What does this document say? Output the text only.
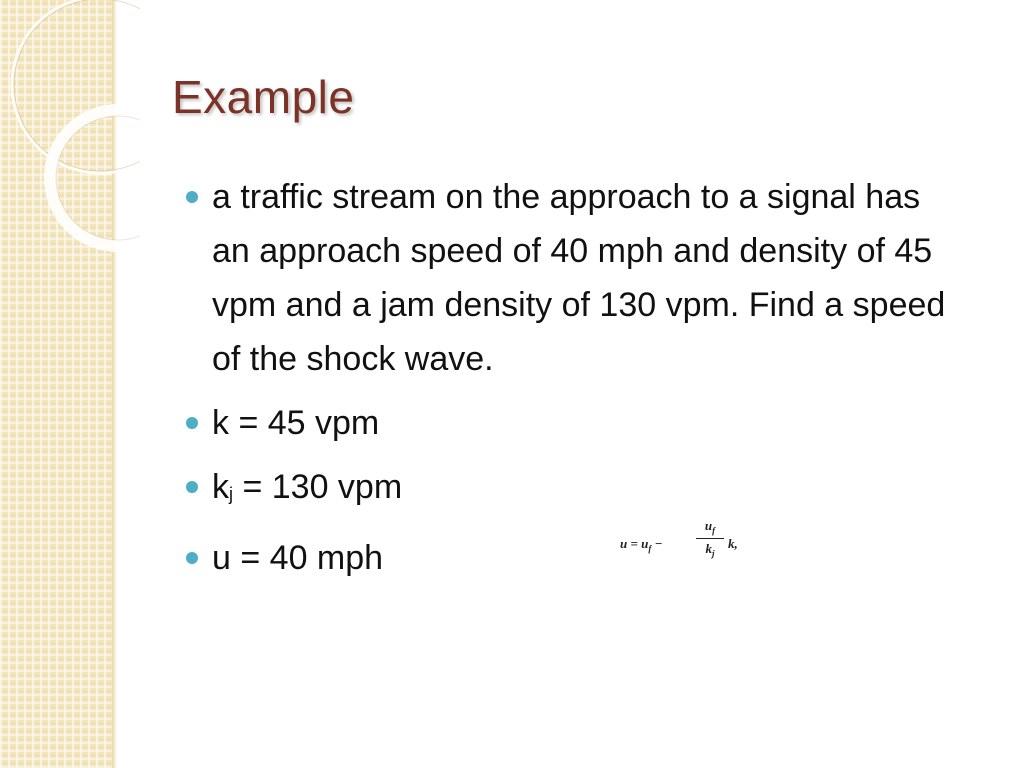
Example
a traffic stream on the approach to a signal has an approach speed of 40 mph and density of 45 vpm and a jam density of 130 vpm. Find a speed of the shock wave.
k = 45 vpm
kj = 130 vpm
u = 40 mph	$u = u_f$ −
$u_f$
$k_j$
k,
